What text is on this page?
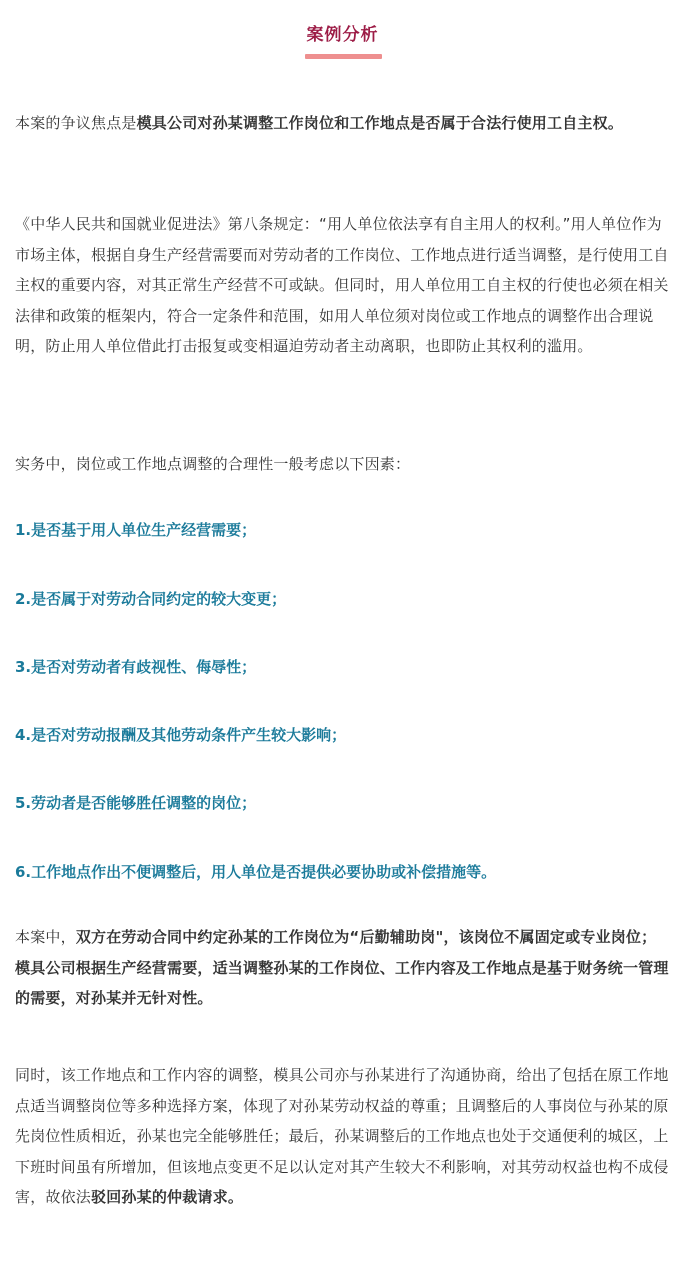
案例分析

本案的争议焦点是模具公司对孙某调整工作岗位和工作地点是否属于合法行使用工自主权。

《中华人民共和国就业促进法》第八条规定：“用人单位依法享有自主用人的权利。”用人单位作为市场主体，根据自身生产经营需要而对劳动者的工作岗位、工作地点进行适当调整，是行使用工自主权的重要内容，对其正常生产经营不可或缺。但同时，用人单位用工自主权的行使也必须在相关法律和政策的框架内，符合一定条件和范围，如用人单位须对岗位或工作地点的调整作出合理说明，防止用人单位借此打击报复或变相逼迫劳动者主动离职，也即防止其权利的滥用。

实务中，岗位或工作地点调整的合理性一般考虑以下因素：

1.是否基于用人单位生产经营需要；

2.是否属于对劳动合同约定的较大变更；

3.是否对劳动者有歧视性、侮辱性；

4.是否对劳动报酬及其他劳动条件产生较大影响；

5.劳动者是否能够胜任调整的岗位；

6.工作地点作出不便调整后，用人单位是否提供必要协助或补偿措施等。

本案中，双方在劳动合同中约定孙某的工作岗位为“后勤辅助岗"，该岗位不属固定或专业岗位；模具公司根据生产经营需要，适当调整孙某的工作岗位、工作内容及工作地点是基于财务统一管理的需要，对孙某并无针对性。

同时，该工作地点和工作内容的调整，模具公司亦与孙某进行了沟通协商，给出了包括在原工作地点适当调整岗位等多种选择方案，体现了对孙某劳动权益的尊重；且调整后的人事岗位与孙某的原先岗位性质相近，孙某也完全能够胜任；最后，孙某调整后的工作地点也处于交通便利的城区，上下班时间虽有所增加，但该地点变更不足以认定对其产生较大不利影响，对其劳动权益也构不成侵害，故依法驳回孙某的仲裁请求。
